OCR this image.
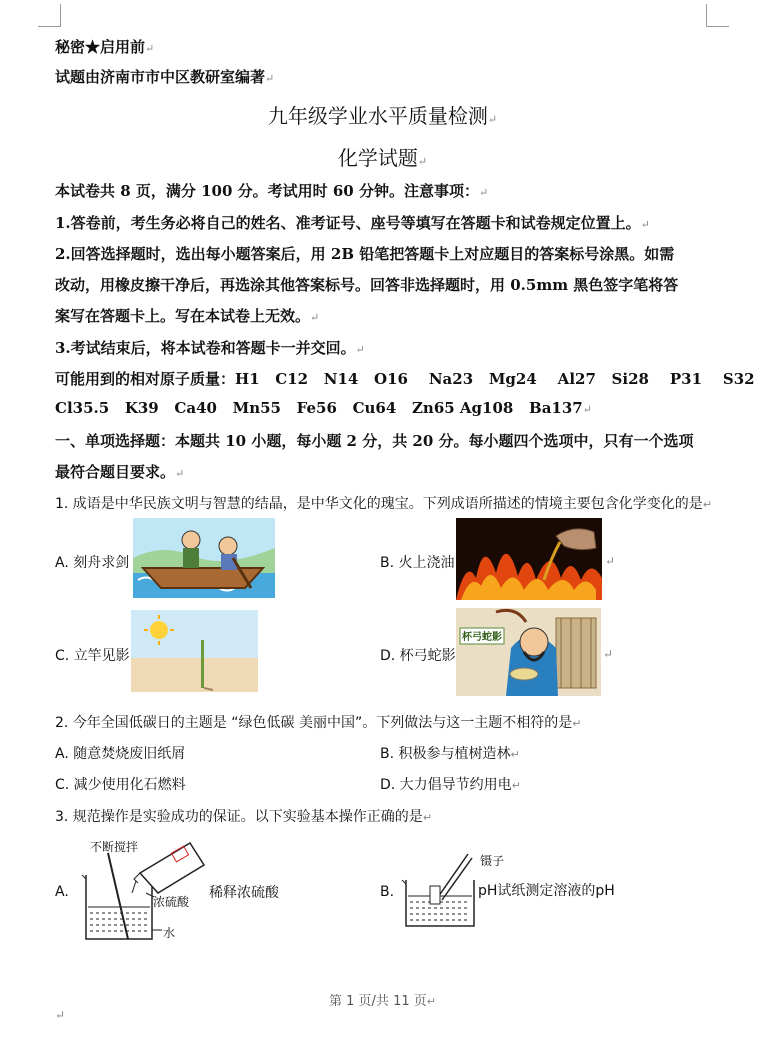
秘密★启用前↵
试题由济南市市中区教研室编著↵
九年级学业水平质量检测↵
化学试题↵
本试卷共 8 页，满分 100 分。考试用时 60 分钟。注意事项：↵
1.答卷前，考生务必将自己的姓名、准考证号、座号等填写在答题卡和试卷规定位置上。↵
2.回答选择题时，选出每小题答案后，用 2B 铅笔把答题卡上对应题目的答案标号涂黑。如需
改动，用橡皮擦干净后，再选涂其他答案标号。回答非选择题时，用 0.5mm 黑色签字笔将答
案写在答题卡上。写在本试卷上无效。↵
3.考试结束后，将本试卷和答题卡一并交回。↵
可能用到的相对原子质量：H1   C12   N14   O16    Na23   Mg24    Al27   Si28    P31    S32
Cl35.5   K39   Ca40   Mn55   Fe56   Cu64   Zn65 Ag108   Ba137↵
一、单项选择题：本题共 10 小题，每小题 2 分，共 20 分。每小题四个选项中，只有一个选项
最符合题目要求。↵
1. 成语是中华民族文明与智慧的结晶，是中华文化的瑰宝。下列成语所描述的情境主要包含化学变化的是↵
A. 刻舟求剑	B. 火上浇油	↵
C. 立竿见影	D. 杯弓蛇影
杯弓蛇影
↵
2. 今年全国低碳日的主题是 “绿色低碳 美丽中国”。下列做法与这一主题不相符的是↵
A. 随意焚烧废旧纸屑	B. 积极参与植树造林↵
C. 减少使用化石燃料	D. 大力倡导节约用电↵
3. 规范操作是实验成功的保证。以下实验基本操作正确的是↵
A.
不断搅拌
浓硫酸
水
稀释浓硫酸	B.
镊子
pH试纸测定溶液的pH
第 1 页/共 11 页↵
↵
